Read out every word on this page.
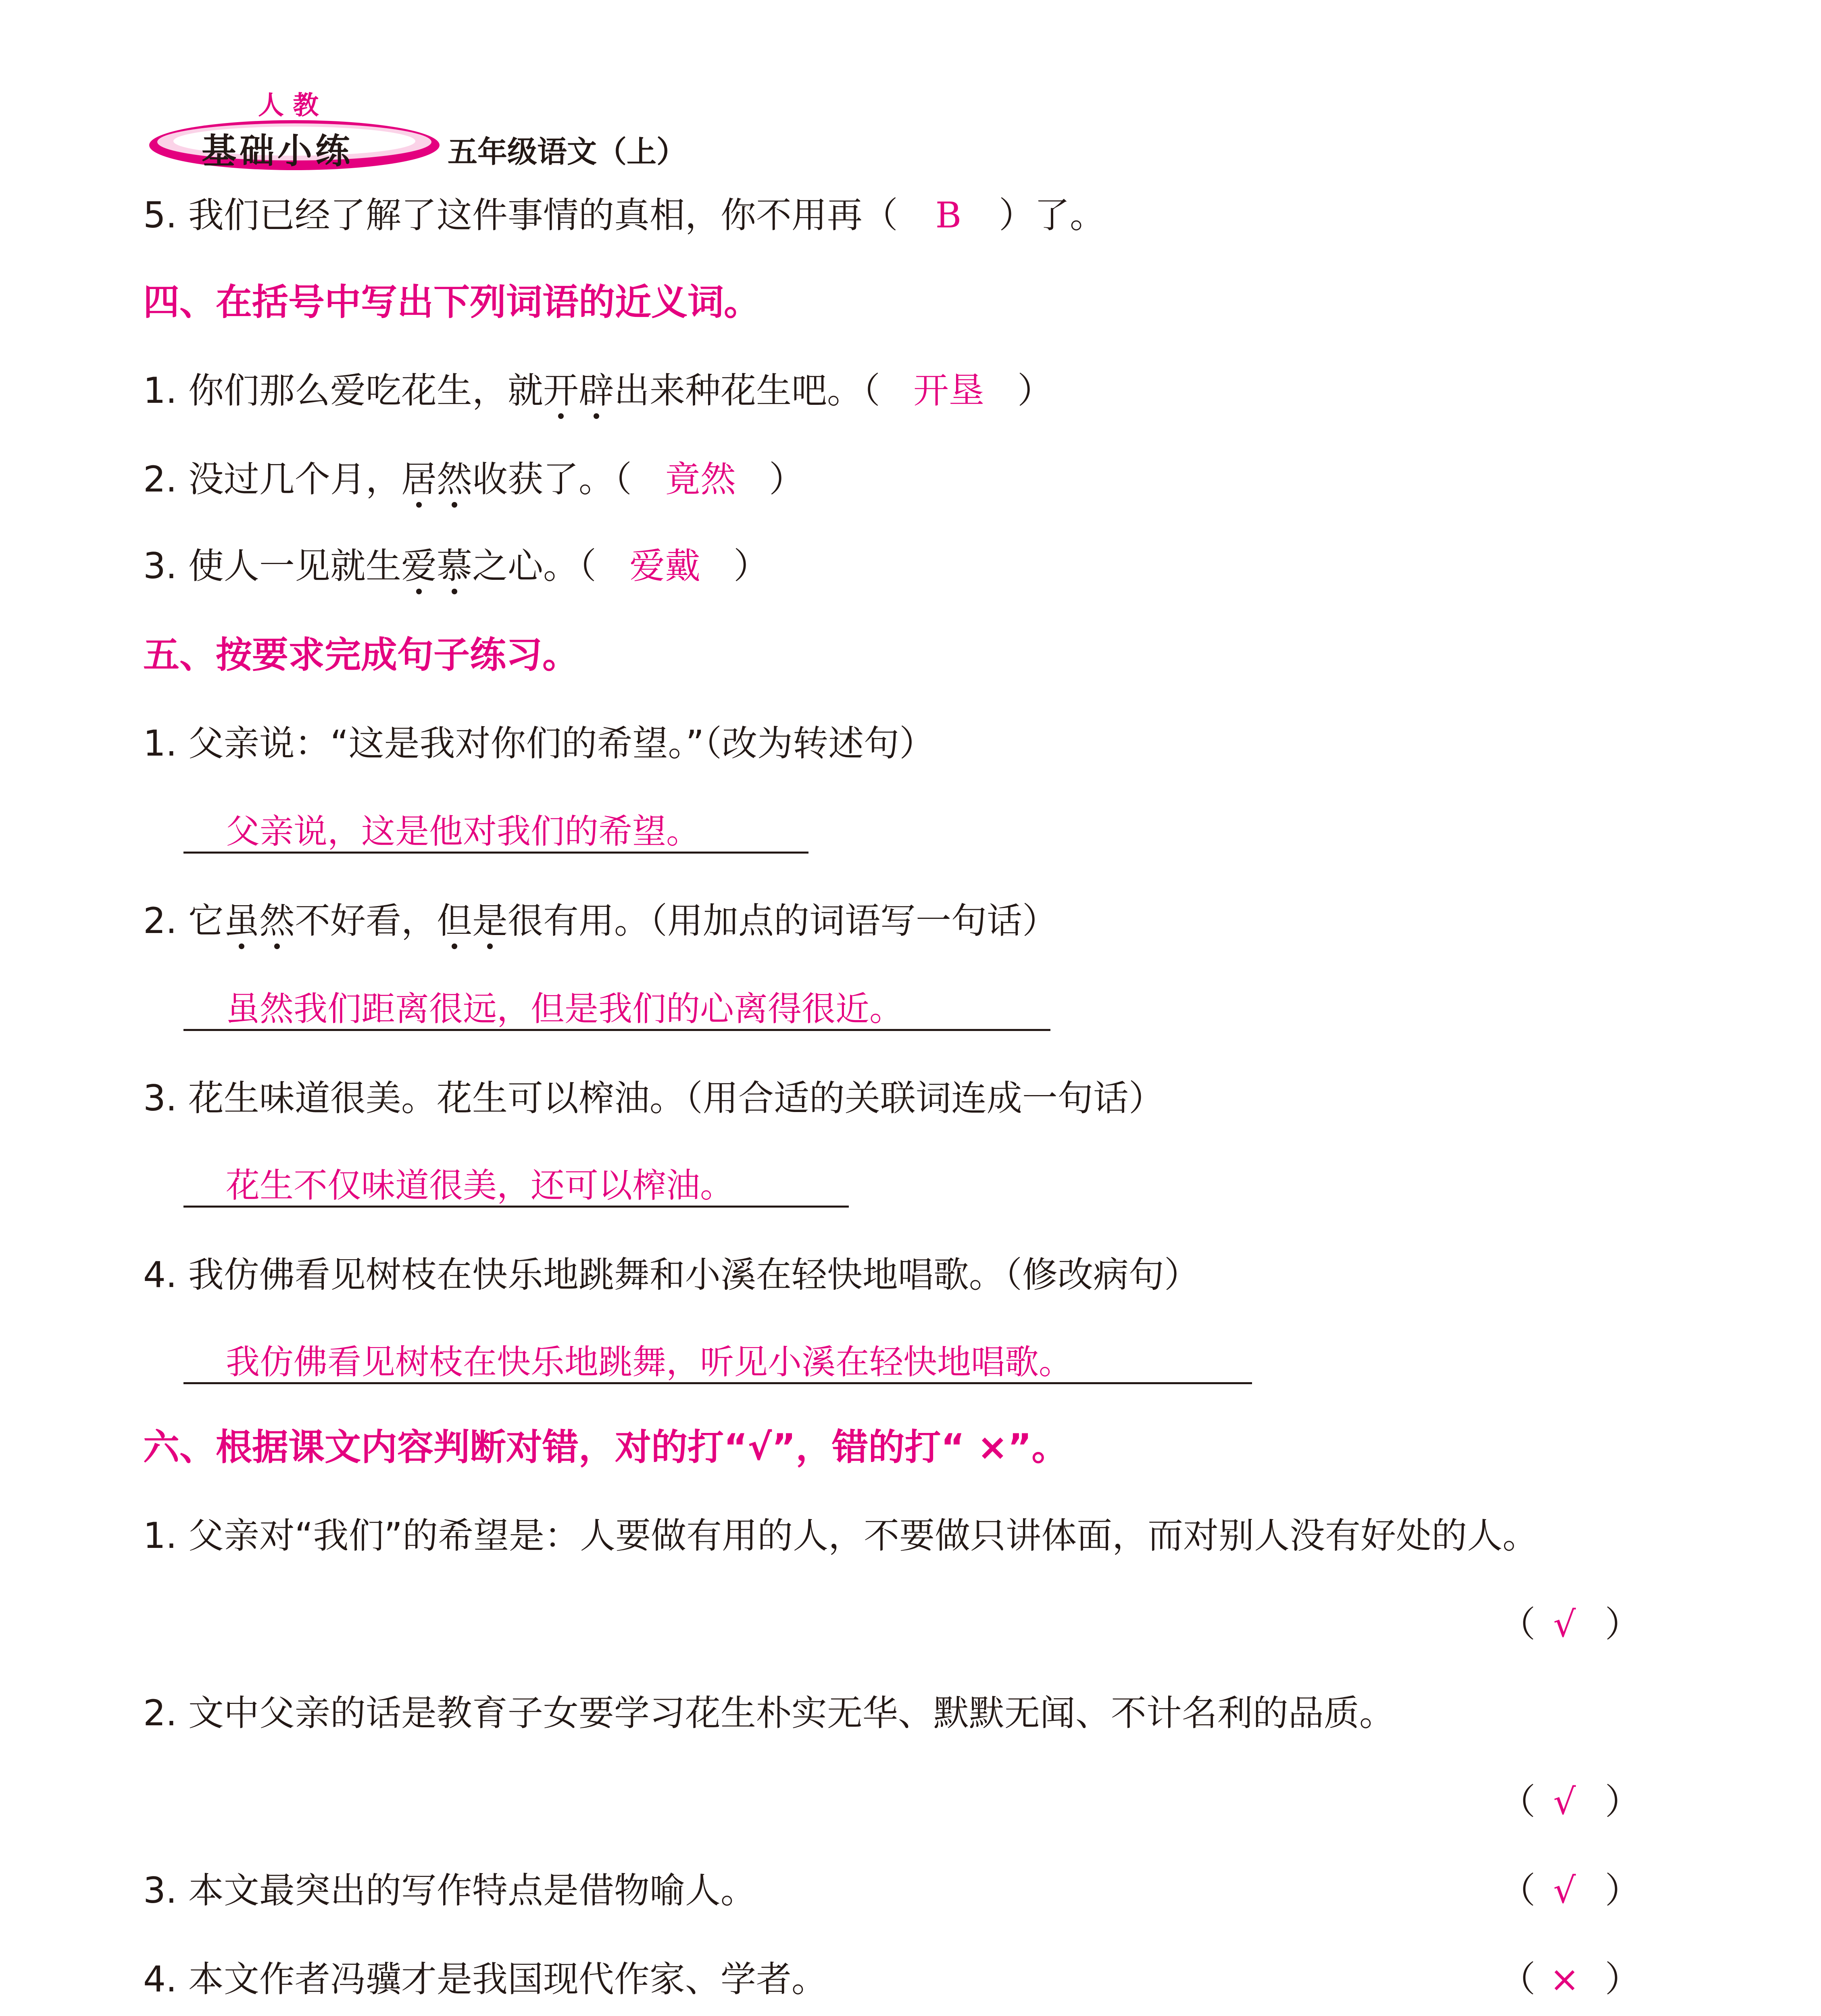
人 教
基础小练	五年级语文（上）
5. 我们已经了解了这件事情的真相，你不用再（ B ）了。
四、在括号中写出下列词语的近义词。
1. 你们那么爱吃花生，就开辟出来种花生吧。（ 开垦 ）
2. 没过几个月，居然收获了。（ 竟然 ）
3. 使人一见就生爱慕之心。（ 爱戴 ）
五、按要求完成句子练习。
1. 父亲说：“这是我对你们的希望。”（改为转述句）
父亲说，这是他对我们的希望。
2. 它虽然不好看，但是很有用。（用加点的词语写一句话）
虽然我们距离很远，但是我们的心离得很近。
3. 花生味道很美。花生可以榨油。（用合适的关联词连成一句话）
花生不仅味道很美，还可以榨油。
4. 我仿佛看见树枝在快乐地跳舞和小溪在轻快地唱歌。（修改病句）
我仿佛看见树枝在快乐地跳舞，听见小溪在轻快地唱歌。
六、根据课文内容判断对错，对的打“√”，错的打“ ×”。
1. 父亲对“我们”的希望是：人要做有用的人，不要做只讲体面，而对别人没有好处的人。
（ √ ）
2. 文中父亲的话是教育子女要学习花生朴实无华、默默无闻、不计名利的品质。
（ √ ）
3. 本文最突出的写作特点是借物喻人。	（ √ ）
4. 本文作者冯骥才是我国现代作家、学者。	（ × ）
